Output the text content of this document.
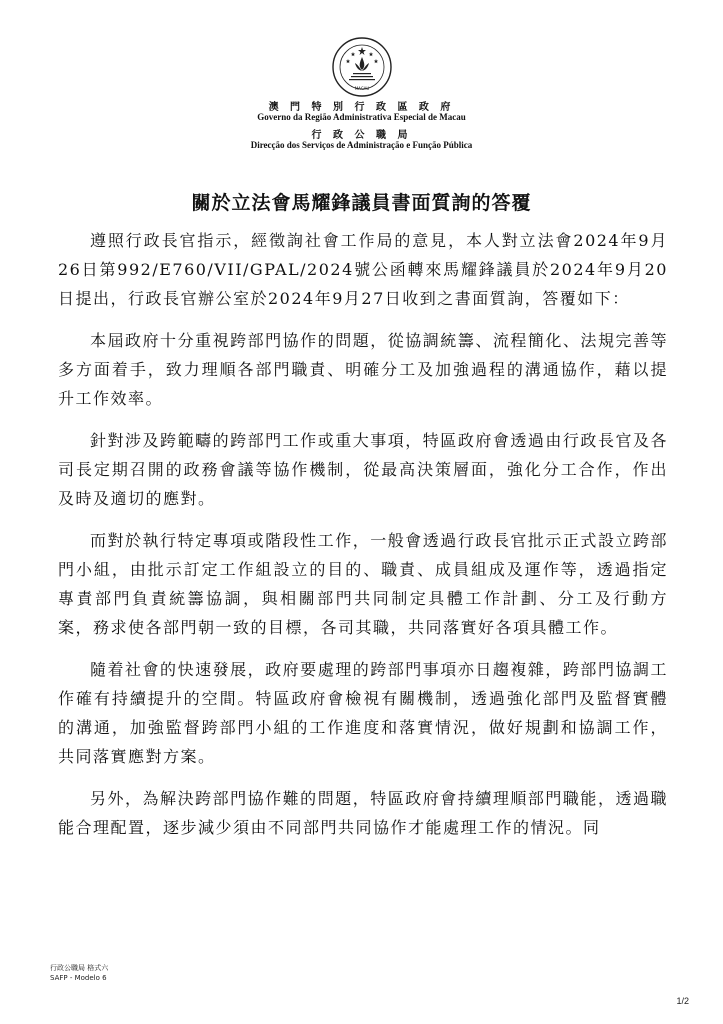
MACAU
澳 門 特 別 行 政 區 政 府
Governo da Região Administrativa Especial de Macau
行 政 公 職 局
Direcção dos Serviços de Administração e Função Pública
關於立法會馬耀鋒議員書面質詢的答覆

遵照行政長官指示，經徵詢社會工作局的意見，本人對立法會2024年9月26日第992/E760/VII/GPAL/2024號公函轉來馬耀鋒議員於2024年9月20日提出，行政長官辦公室於2024年9月27日收到之書面質詢，答覆如下：

本屆政府十分重視跨部門協作的問題，從協調統籌、流程簡化、法規完善等多方面着手，致力理順各部門職責、明確分工及加強過程的溝通協作，藉以提升工作效率。

針對涉及跨範疇的跨部門工作或重大事項，特區政府會透過由行政長官及各司長定期召開的政務會議等協作機制，從最高決策層面，強化分工合作，作出及時及適切的應對。

而對於執行特定專項或階段性工作，一般會透過行政長官批示正式設立跨部門小組，由批示訂定工作組設立的目的、職責、成員組成及運作等，透過指定專責部門負責統籌協調，與相關部門共同制定具體工作計劃、分工及行動方案，務求使各部門朝一致的目標，各司其職，共同落實好各項具體工作。

隨着社會的快速發展，政府要處理的跨部門事項亦日趨複雜，跨部門協調工作確有持續提升的空間。特區政府會檢視有關機制，透過強化部門及監督實體的溝通，加強監督跨部門小組的工作進度和落實情況，做好規劃和協調工作，共同落實應對方案。

另外，為解決跨部門協作難的問題，特區政府會持續理順部門職能，透過職能合理配置，逐步減少須由不同部門共同協作才能處理工作的情況。同

行政公職局 格式六
SAFP - Modelo 6
1/2
